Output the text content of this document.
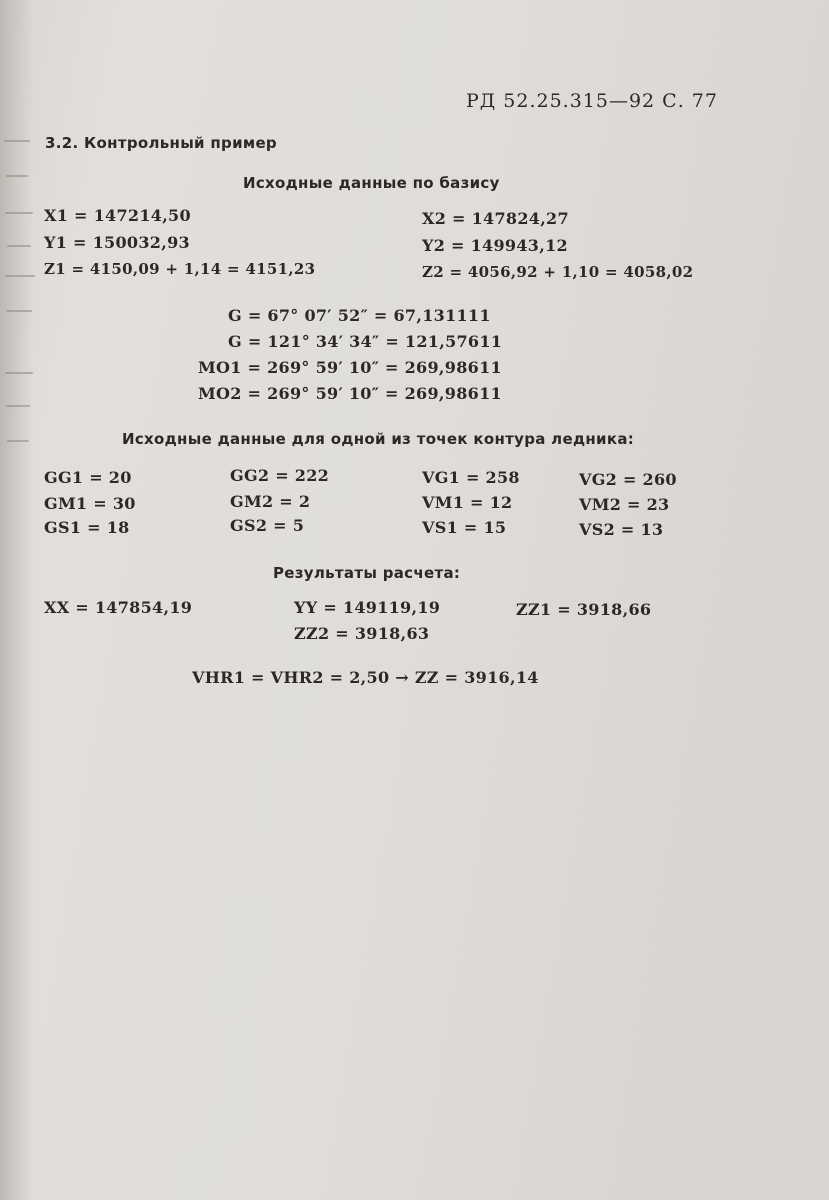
РД 52.25.315—92 С. 77
3.2. Контрольный пример
Исходные данные по базису
X1 = 147214,50
Y1 = 150032,93
Z1 = 4150,09 + 1,14 = 4151,23
X2 = 147824,27
Y2 = 149943,12
Z2 = 4056,92 + 1,10 = 4058,02
G = 67° 07′ 52″ = 67,131111
G = 121° 34′ 34″ = 121,57611
MO1 = 269° 59′ 10″ = 269,98611
MO2 = 269° 59′ 10″ = 269,98611
Исходные данные для одной из точек контура ледника:
GG1 = 20
GM1 = 30
GS1 = 18
GG2 = 222
GM2 = 2
GS2 = 5
VG1 = 258
VM1 = 12
VS1 = 15
VG2 = 260
VM2 = 23
VS2 = 13
Результаты расчета:
XX = 147854,19	YY = 149119,19	ZZ1 = 3918,66
ZZ2 = 3918,63
VHR1 = VHR2 = 2,50 → ZZ = 3916,14
